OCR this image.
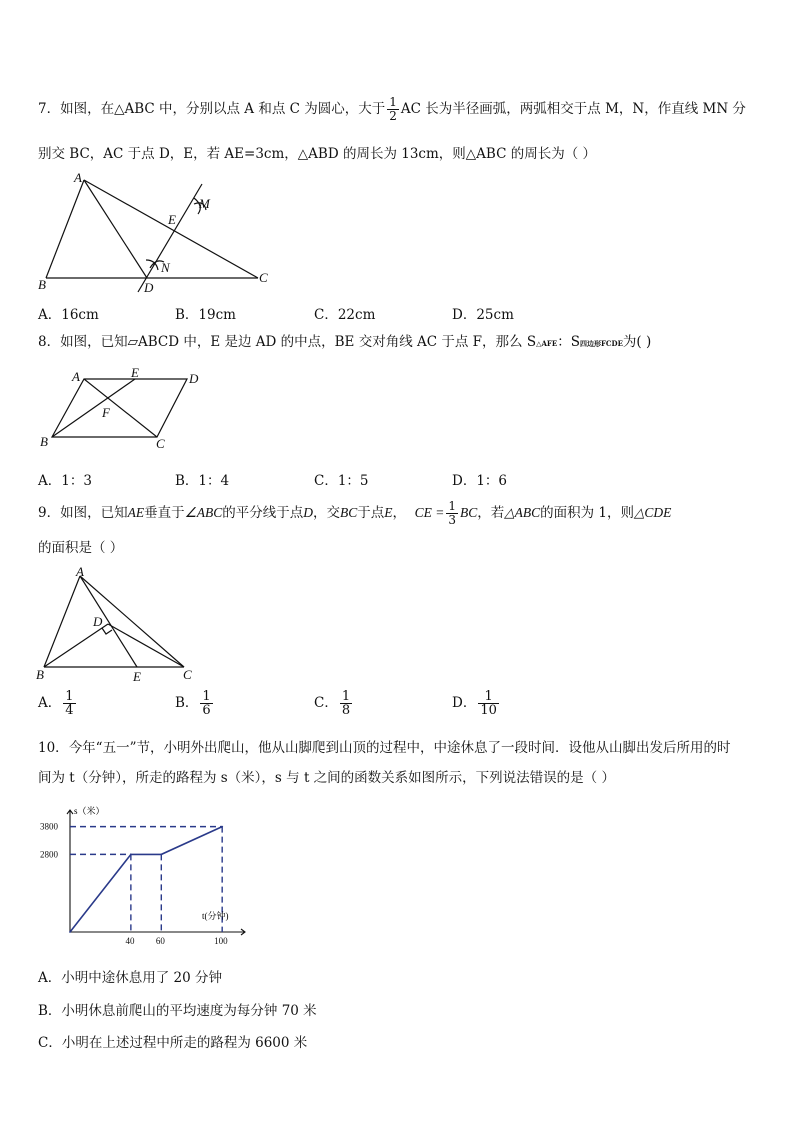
7．如图，在△ABC 中，分别以点 A 和点 C 为圆心，大于 $\frac{1}{2}$ AC 长为半径画弧，两弧相交于点 M，N，作直线 MN 分
别交 BC，AC 于点 D，E，若 AE=3cm，△ABD 的周长为 13cm，则△ABC 的周长为（ ）
A
B	C
D
E
M
N
A．16cm	B．19cm	C．22cm	D．25cm
8．如图，已知▱ABCD 中，E 是边 AD 的中点，BE 交对角线 AC 于点 F，那么 S△AFE：S四边形FCDE为( )
A	E	D
F
B	C
A．1：3	B．1：4	C．1：5	D．1：6
9．如图，已知AE垂直于∠ABC的平分线于点D，交BC于点E， CE = $\frac{1}{3}$ BC，若△ABC的面积为 1，则△CDE
的面积是（ ）
A
D
B	E	C
A． $\frac{1}{4}$	B． $\frac{1}{6}$	C． $\frac{1}{8}$	D． $\frac{1}{10}$
10．今年“五一”节，小明外出爬山，他从山脚爬到山顶的过程中，中途休息了一段时间．设他从山脚出发后所用的时
间为 t（分钟），所走的路程为 s（米），s 与 t 之间的函数关系如图所示，下列说法错误的是（ ）
2800
3800
40 60	100
s（米）
t(分钟)
A．小明中途休息用了 20 分钟
B．小明休息前爬山的平均速度为每分钟 70 米
C．小明在上述过程中所走的路程为 6600 米
